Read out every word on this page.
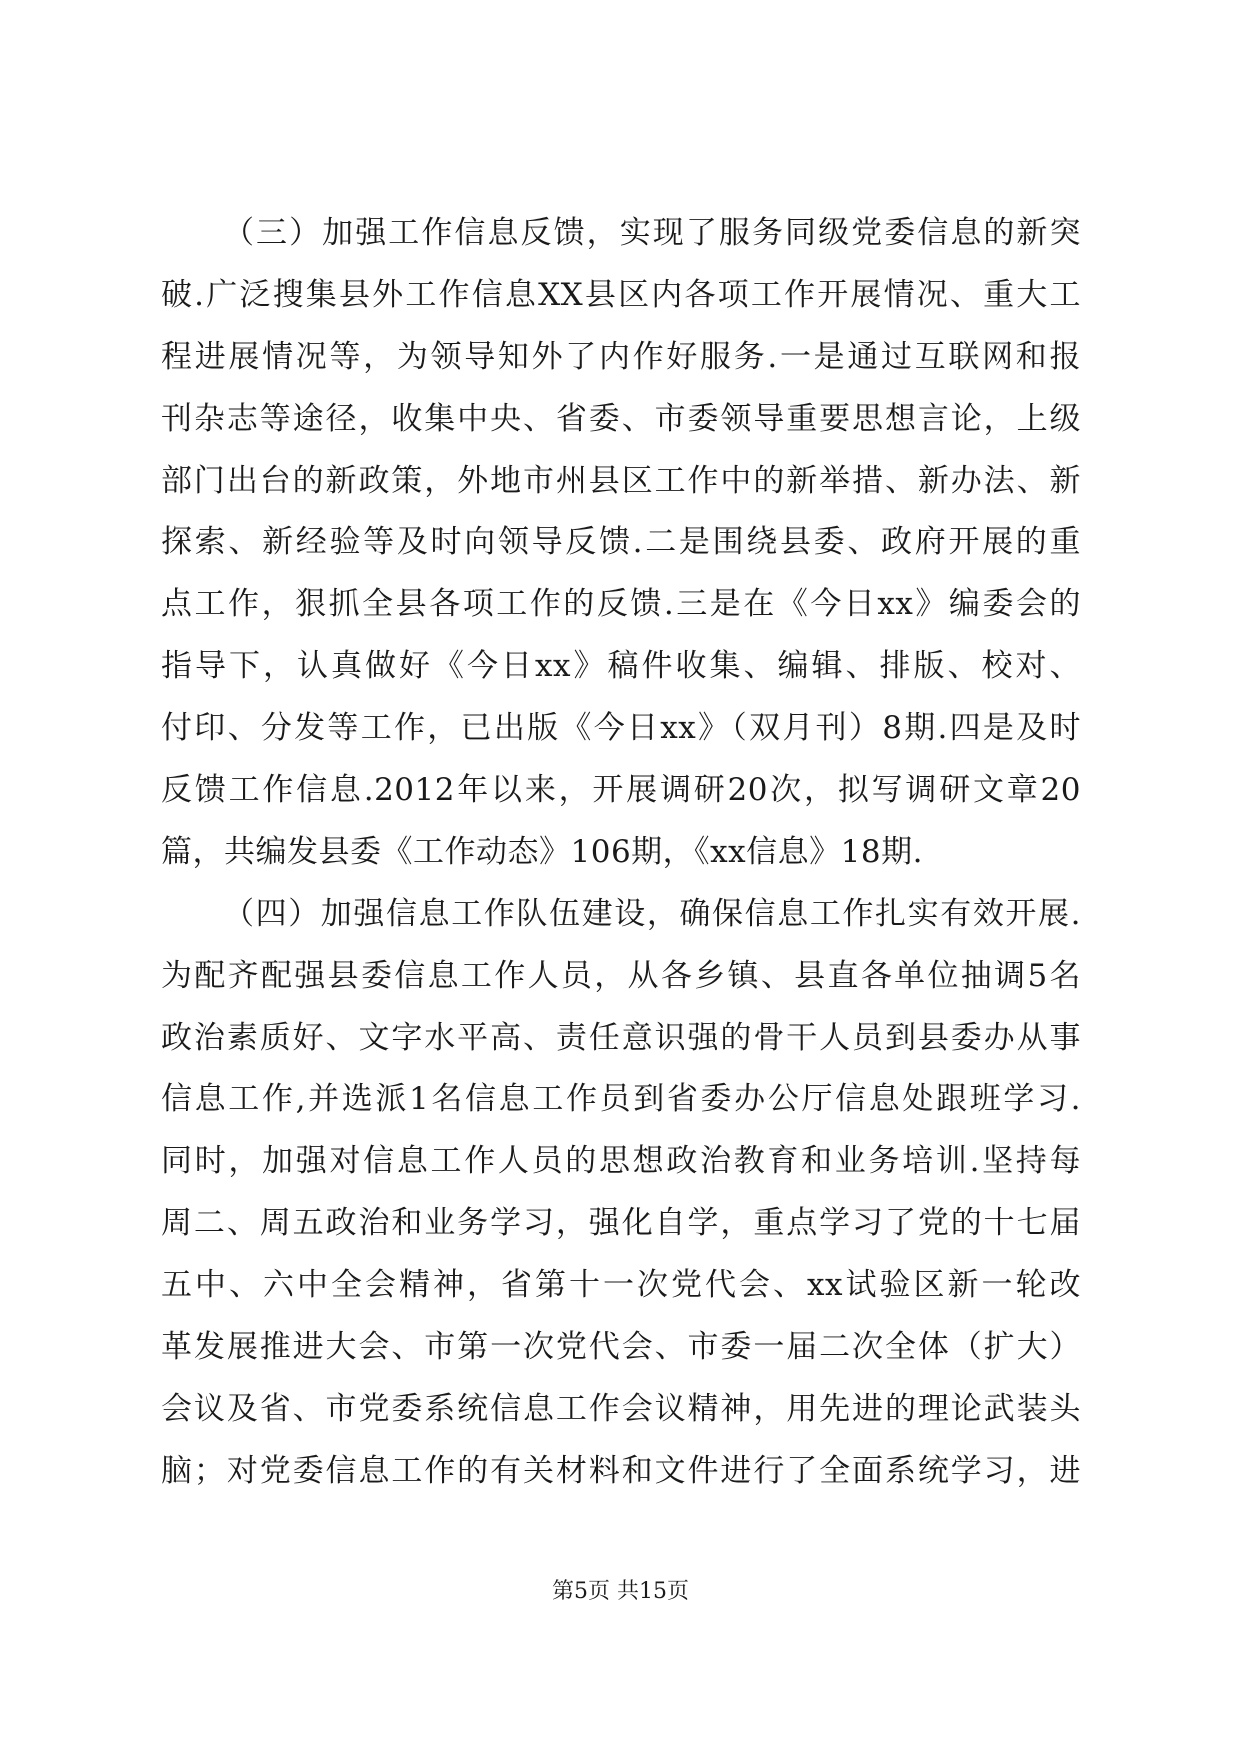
（三）加强工作信息反馈，实现了服务同级党委信息的新突
破.广泛搜集县外工作信息XX县区内各项工作开展情况、重大工
程进展情况等，为领导知外了内作好服务.一是通过互联网和报
刊杂志等途径，收集中央、省委、市委领导重要思想言论，上级
部门出台的新政策，外地市州县区工作中的新举措、新办法、新
探索、新经验等及时向领导反馈.二是围绕县委、政府开展的重
点工作，狠抓全县各项工作的反馈.三是在《今日xx》编委会的
指导下，认真做好《今日xx》稿件收集、编辑、排版、校对、
付印、分发等工作，已出版《今日xx》（双月刊）8期.四是及时
反馈工作信息.2012年以来，开展调研20次，拟写调研文章20
篇，共编发县委《工作动态》106期，《xx信息》18期.
（四）加强信息工作队伍建设，确保信息工作扎实有效开展.
为配齐配强县委信息工作人员，从各乡镇、县直各单位抽调5名
政治素质好、文字水平高、责任意识强的骨干人员到县委办从事
信息工作,并选派1名信息工作员到省委办公厅信息处跟班学习.
同时，加强对信息工作人员的思想政治教育和业务培训.坚持每
周二、周五政治和业务学习，强化自学，重点学习了党的十七届
五中、六中全会精神，省第十一次党代会、xx试验区新一轮改
革发展推进大会、市第一次党代会、市委一届二次全体（扩大）
会议及省、市党委系统信息工作会议精神，用先进的理论武装头
脑；对党委信息工作的有关材料和文件进行了全面系统学习，进
第5页 共15页
